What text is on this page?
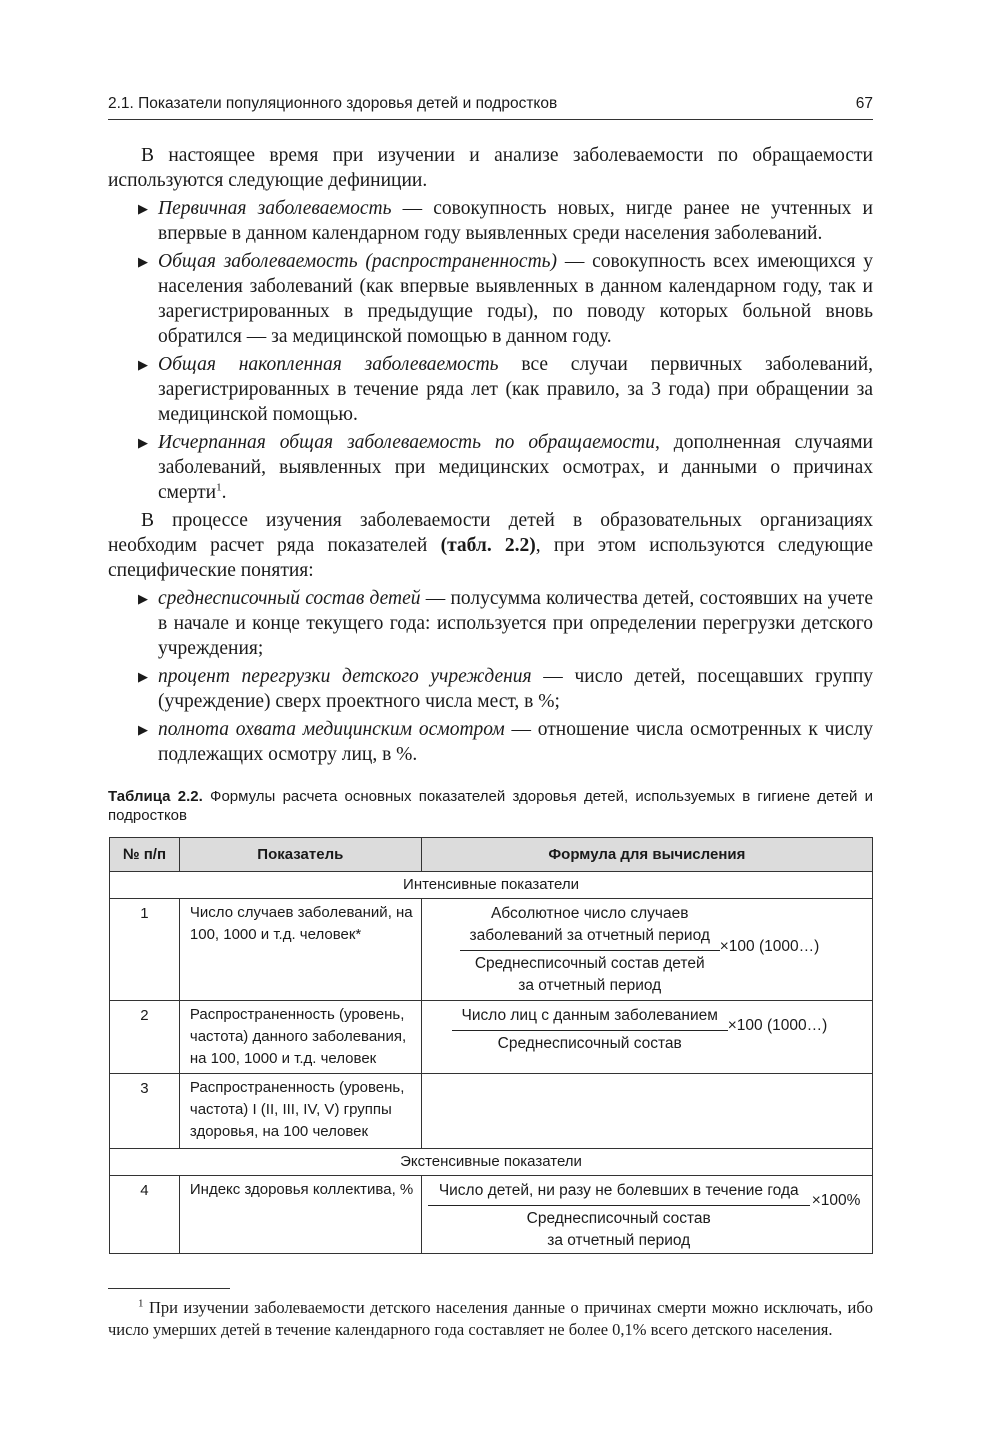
2.1. Показатели популяционного здоровья детей и подростков	67

В настоящее время при изучении и анализе заболеваемости по обращаемости используются следующие дефиниции.

▶ Первичная заболеваемость — совокупность новых, нигде ранее не учтенных и впервые в данном календарном году выявленных среди населения заболеваний.
▶ Общая заболеваемость (распространенность) — совокупность всех имеющихся у населения заболеваний (как впервые выявленных в данном календарном году, так и зарегистрированных в предыдущие годы), по поводу которых больной вновь обратился — за медицинской помощью в данном году.
▶ Общая накопленная заболеваемость все случаи первичных заболеваний, зарегистрированных в течение ряда лет (как правило, за 3 года) при обращении за медицинской помощью.
▶ Исчерпанная общая заболеваемость по обращаемости, дополненная случаями заболеваний, выявленных при медицинских осмотрах, и данными о причинах смерти$^1$.

В процессе изучения заболеваемости детей в образовательных организациях необходим расчет ряда показателей (табл. 2.2), при этом используются следующие специфические понятия:

▶ среднесписочный состав детей — полусумма количества детей, состоявших на учете в начале и конце текущего года: используется при определении перегрузки детского учреждения;
▶ процент перегрузки детского учреждения — число детей, посещавших группу (учреждение) сверх проектного числа мест, в %;
▶ полнота охвата медицинским осмотром — отношение числа осмотренных к числу подлежащих осмотру лиц, в %.
Таблица 2.2. Формулы расчета основных показателей здоровья детей, используемых в гигиене детей и подростков
№ п/п	Показатель	Формула для вычисления
Интенсивные показатели		
1	Число случаев заболеваний, на 100, 1000 и т.д. человек*	Абсолютное число случаев
заболеваний за отчетный период
Среднесписочный состав детей
за отчетный период
×100 (1000…)

2	Распространенность (уровень, частота) данного заболевания, на 100, 1000 и т.д. человек	Число лиц с данным заболеванием
Среднесписочный состав
×100 (1000…)

3	Распространенность (уровень, частота) I (II, III, IV, V) группы здоровья, на 100 человек	
Экстенсивные показатели		
4	Индекс здоровья коллектива, %	Число детей, ни разу не болевших в течение года
Среднесписочный состав
за отчетный период
×100%
$^1$ При изучении заболеваемости детского населения данные о причинах смерти можно исключать, ибо число умерших детей в течение календарного года составляет не более 0,1% всего детского населения.
